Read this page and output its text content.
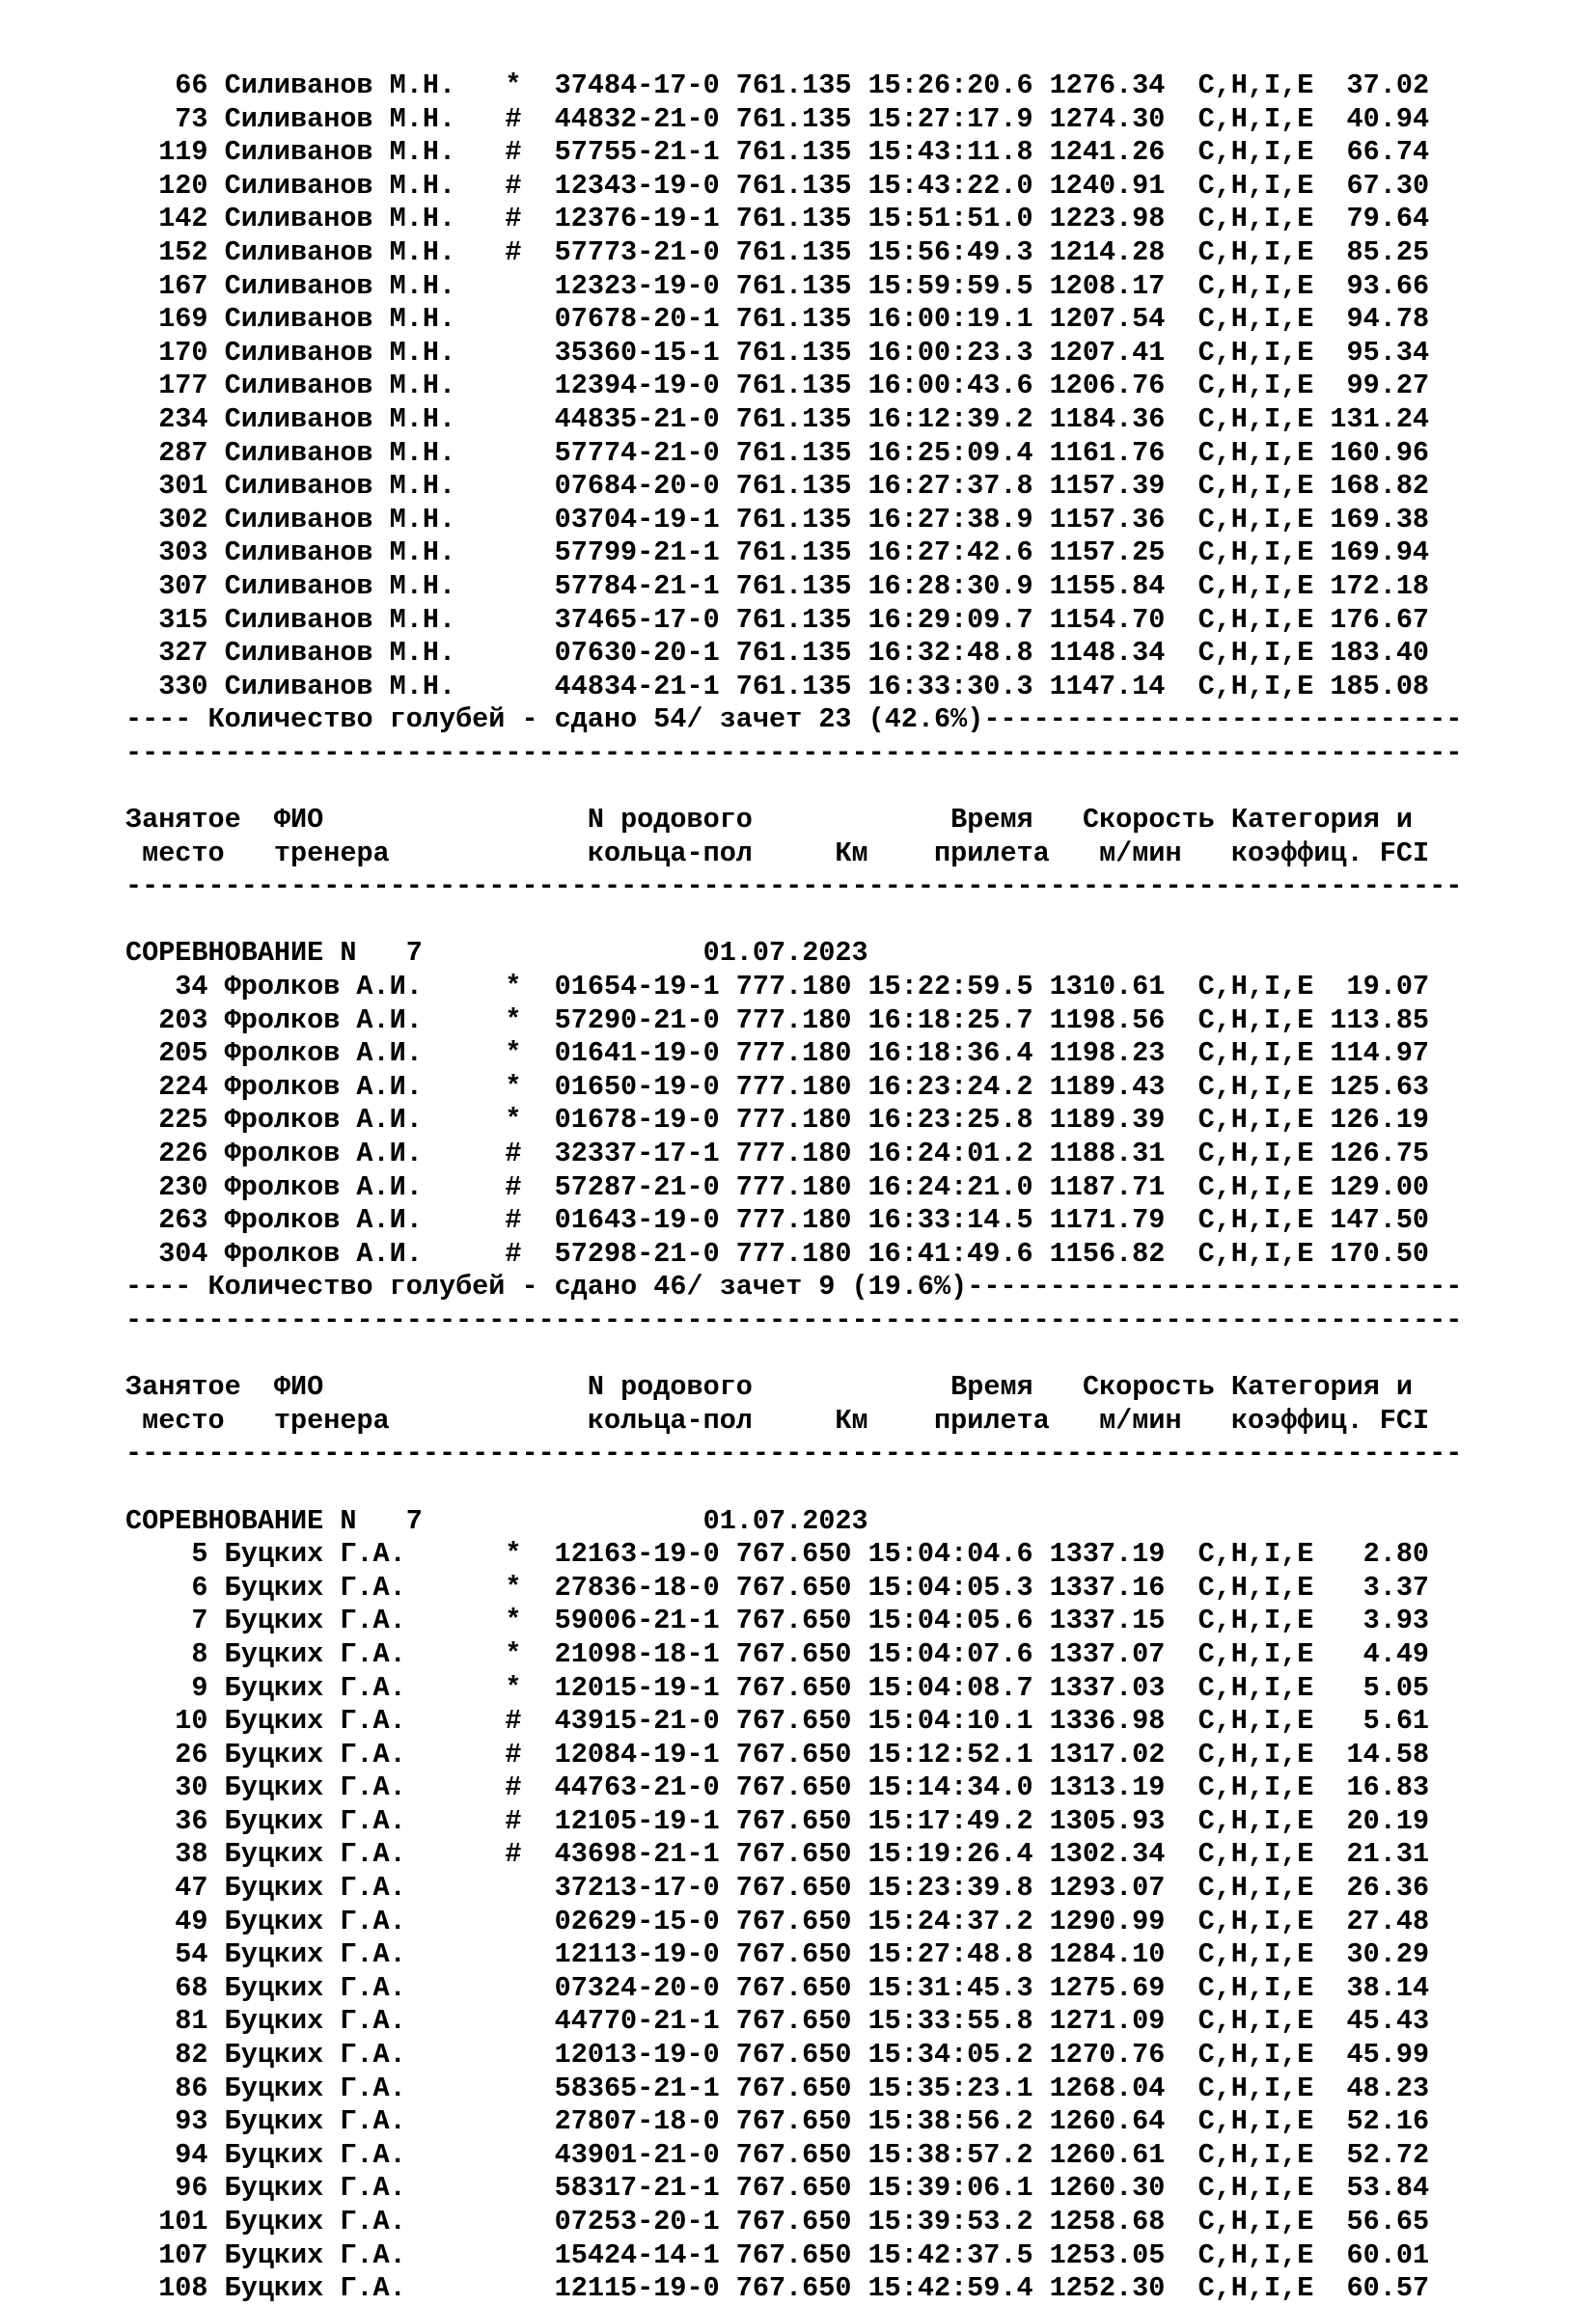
66 Силиванов М.Н. * 37484-17-0 761.135 15:26:20.6 1276.34 C,H,I,E 37.02
73 Силиванов М.Н. # 44832-21-0 761.135 15:27:17.9 1274.30 C,H,I,E 40.94
119 Силиванов М.Н. # 57755-21-1 761.135 15:43:11.8 1241.26 C,H,I,E 66.74
120 Силиванов М.Н. # 12343-19-0 761.135 15:43:22.0 1240.91 C,H,I,E 67.30
142 Силиванов М.Н. # 12376-19-1 761.135 15:51:51.0 1223.98 C,H,I,E 79.64
152 Силиванов М.Н. # 57773-21-0 761.135 15:56:49.3 1214.28 C,H,I,E 85.25
167 Силиванов М.Н.	12323-19-0 761.135 15:59:59.5 1208.17 C,H,I,E 93.66
169 Силиванов М.Н.	07678-20-1 761.135 16:00:19.1 1207.54 C,H,I,E 94.78
170 Силиванов М.Н.	35360-15-1 761.135 16:00:23.3 1207.41 C,H,I,E 95.34
177 Силиванов М.Н.	12394-19-0 761.135 16:00:43.6 1206.76 C,H,I,E 99.27
234 Силиванов М.Н.	44835-21-0 761.135 16:12:39.2 1184.36 C,H,I,E 131.24
287 Силиванов М.Н.	57774-21-0 761.135 16:25:09.4 1161.76 C,H,I,E 160.96
301 Силиванов М.Н.	07684-20-0 761.135 16:27:37.8 1157.39 C,H,I,E 168.82
302 Силиванов М.Н.	03704-19-1 761.135 16:27:38.9 1157.36 C,H,I,E 169.38
303 Силиванов М.Н.	57799-21-1 761.135 16:27:42.6 1157.25 C,H,I,E 169.94
307 Силиванов М.Н.	57784-21-1 761.135 16:28:30.9 1155.84 C,H,I,E 172.18
315 Силиванов М.Н.	37465-17-0 761.135 16:29:09.7 1154.70 C,H,I,E 176.67
327 Силиванов М.Н.	07630-20-1 761.135 16:32:48.8 1148.34 C,H,I,E 183.40
330 Силиванов М.Н.	44834-21-1 761.135 16:33:30.3 1147.14 C,H,I,E 185.08
---- Количество голубей - сдано 54/ зачет 23 (42.6%)-----------------------------
---------------------------------------------------------------------------------
Занятое  ФИО                N родового            Время   Скорость Категория и
место   тренера            кольца-пол     Км    прилета   м/мин   коэффиц. FCI
---------------------------------------------------------------------------------
СОРЕВНОВАНИЕ N   7	01.07.2023
34 Фролков А.И.	* 01654-19-1 777.180 15:22:59.5 1310.61 C,H,I,E 19.07
203 Фролков А.И.	* 57290-21-0 777.180 16:18:25.7 1198.56 C,H,I,E 113.85
205 Фролков А.И.	* 01641-19-0 777.180 16:18:36.4 1198.23 C,H,I,E 114.97
224 Фролков А.И.	* 01650-19-0 777.180 16:23:24.2 1189.43 C,H,I,E 125.63
225 Фролков А.И.	* 01678-19-0 777.180 16:23:25.8 1189.39 C,H,I,E 126.19
226 Фролков А.И.	# 32337-17-1 777.180 16:24:01.2 1188.31 C,H,I,E 126.75
230 Фролков А.И.	# 57287-21-0 777.180 16:24:21.0 1187.71 C,H,I,E 129.00
263 Фролков А.И.	# 01643-19-0 777.180 16:33:14.5 1171.79 C,H,I,E 147.50
304 Фролков А.И.	# 57298-21-0 777.180 16:41:49.6 1156.82 C,H,I,E 170.50
---- Количество голубей - сдано 46/ зачет 9 (19.6%)------------------------------
---------------------------------------------------------------------------------
Занятое  ФИО                N родового            Время   Скорость Категория и
место   тренера            кольца-пол     Км    прилета   м/мин   коэффиц. FCI
---------------------------------------------------------------------------------
СОРЕВНОВАНИЕ N   7	01.07.2023
5 Буцких Г.А.	* 12163-19-0 767.650 15:04:04.6 1337.19 C,H,I,E 2.80
6 Буцких Г.А.	* 27836-18-0 767.650 15:04:05.3 1337.16 C,H,I,E 3.37
7 Буцких Г.А.	* 59006-21-1 767.650 15:04:05.6 1337.15 C,H,I,E 3.93
8 Буцких Г.А.	* 21098-18-1 767.650 15:04:07.6 1337.07 C,H,I,E 4.49
9 Буцких Г.А.	* 12015-19-1 767.650 15:04:08.7 1337.03 C,H,I,E 5.05
10 Буцких Г.А.	# 43915-21-0 767.650 15:04:10.1 1336.98 C,H,I,E 5.61
26 Буцких Г.А.	# 12084-19-1 767.650 15:12:52.1 1317.02 C,H,I,E 14.58
30 Буцких Г.А.	# 44763-21-0 767.650 15:14:34.0 1313.19 C,H,I,E 16.83
36 Буцких Г.А.	# 12105-19-1 767.650 15:17:49.2 1305.93 C,H,I,E 20.19
38 Буцких Г.А.	# 43698-21-1 767.650 15:19:26.4 1302.34 C,H,I,E 21.31
47 Буцких Г.А.	37213-17-0 767.650 15:23:39.8 1293.07 C,H,I,E 26.36
49 Буцких Г.А.	02629-15-0 767.650 15:24:37.2 1290.99 C,H,I,E 27.48
54 Буцких Г.А.	12113-19-0 767.650 15:27:48.8 1284.10 C,H,I,E 30.29
68 Буцких Г.А.	07324-20-0 767.650 15:31:45.3 1275.69 C,H,I,E 38.14
81 Буцких Г.А.	44770-21-1 767.650 15:33:55.8 1271.09 C,H,I,E 45.43
82 Буцких Г.А.	12013-19-0 767.650 15:34:05.2 1270.76 C,H,I,E 45.99
86 Буцких Г.А.	58365-21-1 767.650 15:35:23.1 1268.04 C,H,I,E 48.23
93 Буцких Г.А.	27807-18-0 767.650 15:38:56.2 1260.64 C,H,I,E 52.16
94 Буцких Г.А.	43901-21-0 767.650 15:38:57.2 1260.61 C,H,I,E 52.72
96 Буцких Г.А.	58317-21-1 767.650 15:39:06.1 1260.30 C,H,I,E 53.84
101 Буцких Г.А.	07253-20-1 767.650 15:39:53.2 1258.68 C,H,I,E 56.65
107 Буцких Г.А.	15424-14-1 767.650 15:42:37.5 1253.05 C,H,I,E 60.01
108 Буцких Г.А.	12115-19-0 767.650 15:42:59.4 1252.30 C,H,I,E 60.57
